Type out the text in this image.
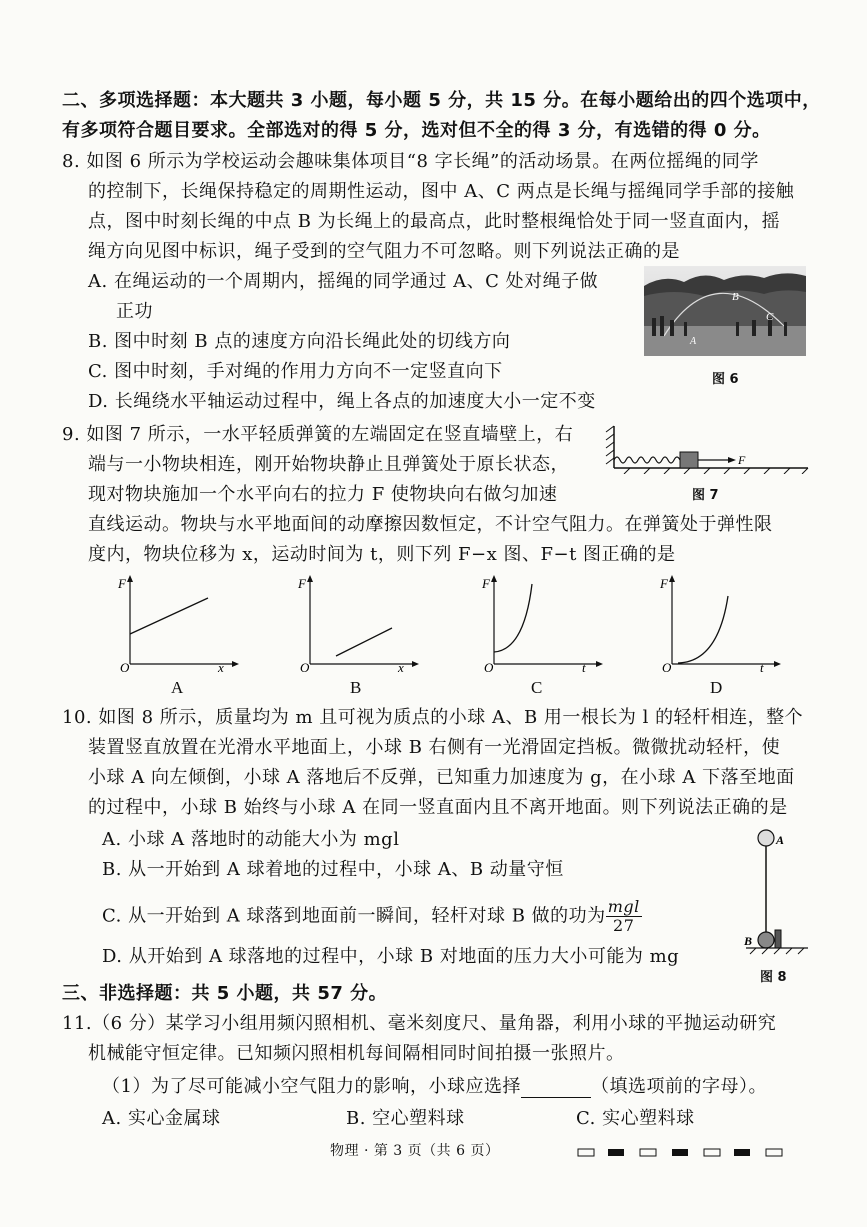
二、多项选择题：本大题共 3 小题，每小题 5 分，共 15 分。在每小题给出的四个选项中，
有多项符合题目要求。全部选对的得 5 分，选对但不全的得 3 分，有选错的得 0 分。
8. 如图 6 所示为学校运动会趣味集体项目“8 字长绳”的活动场景。在两位摇绳的同学
的控制下，长绳保持稳定的周期性运动，图中 A、C 两点是长绳与摇绳同学手部的接触
点，图中时刻长绳的中点 B 为长绳上的最高点，此时整根绳恰处于同一竖直面内，摇
绳方向见图中标识，绳子受到的空气阻力不可忽略。则下列说法正确的是
A. 在绳运动的一个周期内，摇绳的同学通过 A、C 处对绳子做
正功
B. 图中时刻 B 点的速度方向沿长绳此处的切线方向
C. 图中时刻，手对绳的作用力方向不一定竖直向下
D. 长绳绕水平轴运动过程中，绳上各点的加速度大小一定不变
A
B
C
图 6
9. 如图 7 所示，一水平轻质弹簧的左端固定在竖直墙壁上，右
端与一小物块相连，刚开始物块静止且弹簧处于原长状态，
现对物块施加一个水平向右的拉力 F 使物块向右做匀加速
直线运动。物块与水平地面间的动摩擦因数恒定，不计空气阻力。在弹簧处于弹性限
度内，物块位移为 x，运动时间为 t，则下列 F−x 图、F−t 图正确的是
F
图 7
F
x
O
A
F
x
O
B
F
t
O
C
F
t
O
D
10. 如图 8 所示，质量均为 m 且可视为质点的小球 A、B 用一根长为 l 的轻杆相连，整个
装置竖直放置在光滑水平地面上，小球 B 右侧有一光滑固定挡板。微微扰动轻杆，使
小球 A 向左倾倒，小球 A 落地后不反弹，已知重力加速度为 g，在小球 A 下落至地面
的过程中，小球 B 始终与小球 A 在同一竖直面内且不离开地面。则下列说法正确的是
A. 小球 A 落地时的动能大小为 mgl
B. 从一开始到 A 球着地的过程中，小球 A、B 动量守恒
C. 从一开始到 A 球落到地面前一瞬间，轻杆对球 B 做的功为 $\frac{\text{mgl}}{27}$
D. 从开始到 A 球落地的过程中，小球 B 对地面的压力大小可能为 mg
A
B
图 8
三、非选择题：共 5 小题，共 57 分。
11.（6 分）某学习小组用频闪照相机、毫米刻度尺、量角器，利用小球的平抛运动研究
机械能守恒定律。已知频闪照相机每间隔相同时间拍摄一张照片。
（1）为了尽可能减小空气阻力的影响，小球应选择	（填选项前的字母）。
A. 实心金属球	B. 空心塑料球	C. 实心塑料球
物理 · 第 3 页（共 6 页）
